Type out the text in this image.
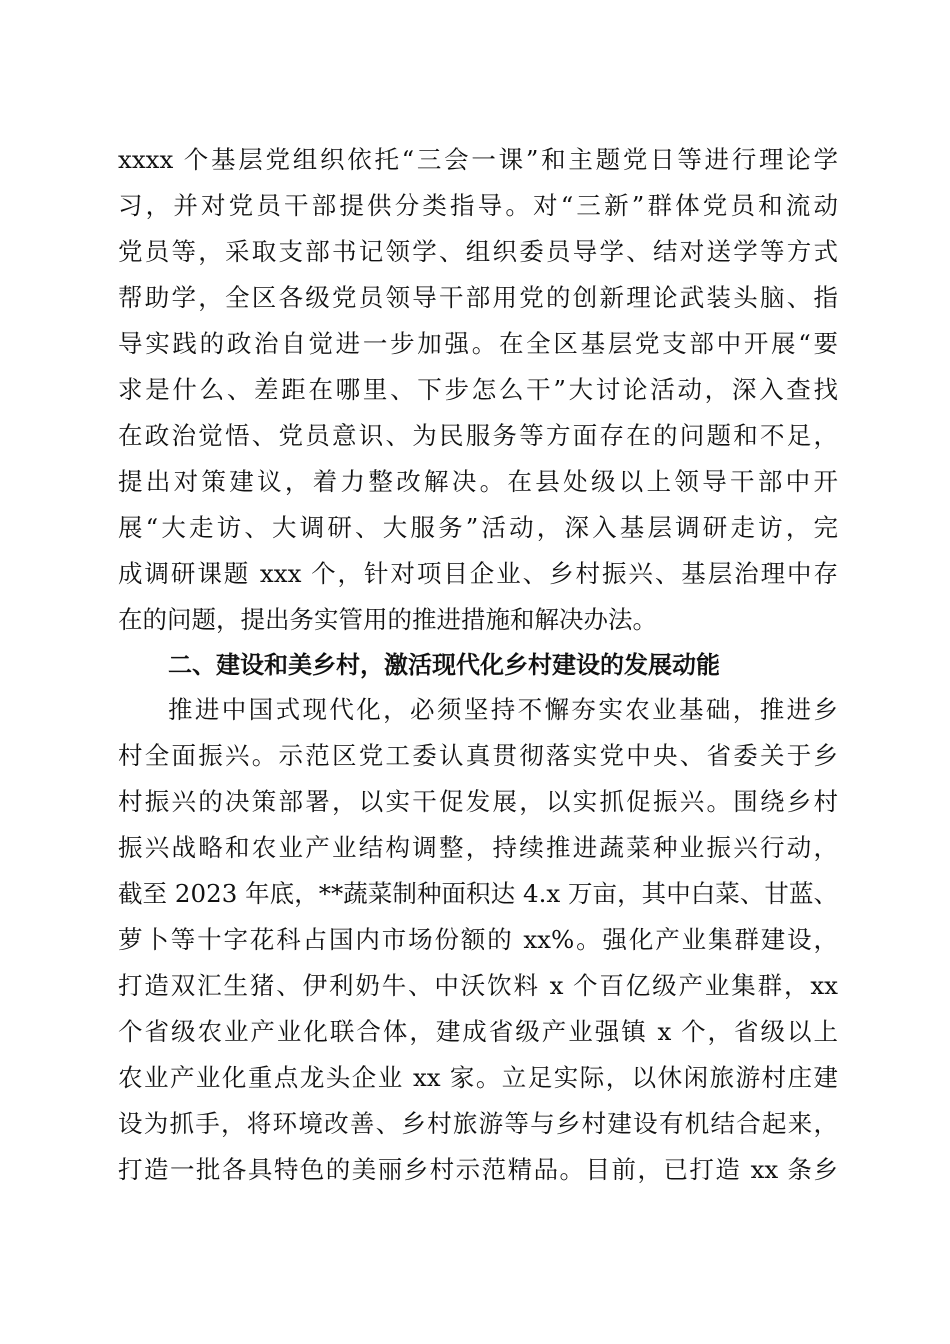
xxxx 个基层党组织依托“三会一课”和主题党日等进行理论学
习，并对党员干部提供分类指导。对“三新”群体党员和流动
党员等，采取支部书记领学、组织委员导学、结对送学等方式
帮助学，全区各级党员领导干部用党的创新理论武装头脑、指
导实践的政治自觉进一步加强。在全区基层党支部中开展“要
求是什么、差距在哪里、下步怎么干”大讨论活动，深入查找
在政治觉悟、党员意识、为民服务等方面存在的问题和不足，
提出对策建议，着力整改解决。在县处级以上领导干部中开
展“大走访、大调研、大服务”活动，深入基层调研走访，完
成调研课题 xxx 个，针对项目企业、乡村振兴、基层治理中存
在的问题，提出务实管用的推进措施和解决办法。
二、建设和美乡村，激活现代化乡村建设的发展动能
推进中国式现代化，必须坚持不懈夯实农业基础，推进乡
村全面振兴。示范区党工委认真贯彻落实党中央、省委关于乡
村振兴的决策部署，以实干促发展，以实抓促振兴。围绕乡村
振兴战略和农业产业结构调整，持续推进蔬菜种业振兴行动，
截至 2023 年底，**蔬菜制种面积达 4.x 万亩，其中白菜、甘蓝、
萝卜等十字花科占国内市场份额的 xx%。强化产业集群建设，
打造双汇生猪、伊利奶牛、中沃饮料 x 个百亿级产业集群，xx
个省级农业产业化联合体，建成省级产业强镇 x 个，省级以上
农业产业化重点龙头企业 xx 家。立足实际，以休闲旅游村庄建
设为抓手，将环境改善、乡村旅游等与乡村建设有机结合起来，
打造一批各具特色的美丽乡村示范精品。目前，已打造 xx 条乡
